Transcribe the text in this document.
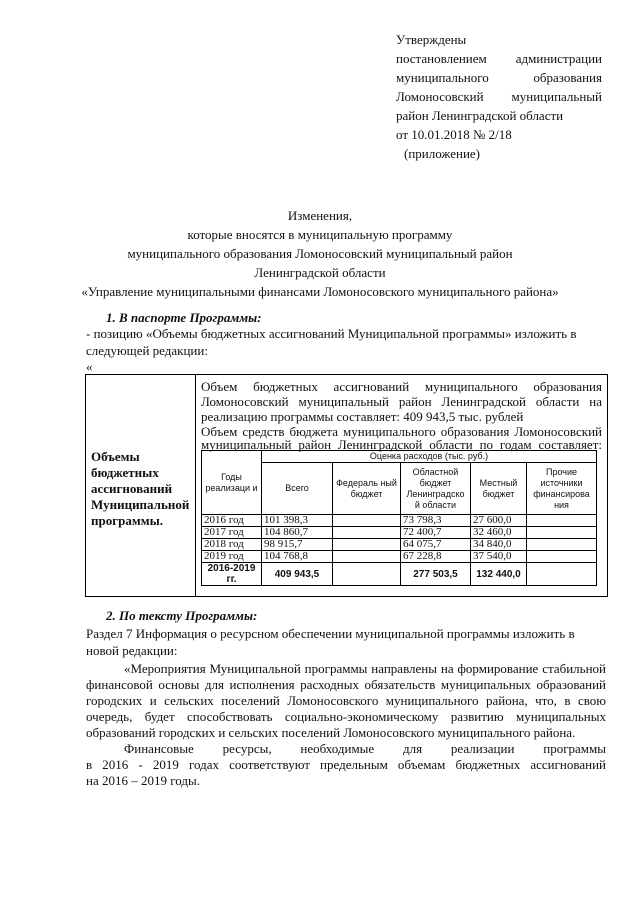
Утверждены
постановлением администрации
муниципального образования
Ломоносовский муниципальный
район Ленинградской области
от 10.01.2018 № 2/18
(приложение)
Изменения,
которые вносятся в муниципальную программу
муниципального образования Ломоносовский муниципальный район
Ленинградской области
«Управление муниципальными финансами Ломоносовского муниципального района»
1. В паспорте Программы:
- позицию «Объемы бюджетных ассигнований Муниципальной программы» изложить в следующей редакции:
«
Объемы бюджетных ассигнований Муниципальной программы.
Объем бюджетных ассигнований муниципального образования
Ломоносовский муниципальный район Ленинградской области на
реализацию программы составляет: 409 943,5 тыс. рублей
Объем средств бюджета муниципального образования Ломоносовский
муниципальный район Ленинградской области по годам составляет:
Годы реализаци и	Оценка расходов (тыс. руб.)				
	Всего	Федераль ный бюджет	Областной бюджет Ленинградско й области	Местный бюджет	Прочие источники финансирова ния
2016 год	101 398,3		73 798,3	27 600,0	
2017 год	104 860,7		72 400,7	32 460,0	
2018 год	98 915,7		64 075,7	34 840,0	
2019 год	104 768,8		67 228,8	37 540,0	
2016-2019 гг.	409 943,5		277 503,5	132 440,0	
2. По тексту Программы:
Раздел 7 Информация о ресурсном обеспечении муниципальной программы изложить в новой редакции:
«Мероприятия Муниципальной программы направлены на формирование стабильной
финансовой основы для исполнения расходных обязательств муниципальных образований
городских и сельских поселений Ломоносовского муниципального района, что, в свою
очередь, будет способствовать социально-экономическому развитию муниципальных
образований городских и сельских поселений Ломоносовского муниципального района.
Финансовые ресурсы, необходимые для реализации программы
в 2016 - 2019 годах соответствуют предельным объемам бюджетных ассигнований
на 2016 – 2019 годы.
